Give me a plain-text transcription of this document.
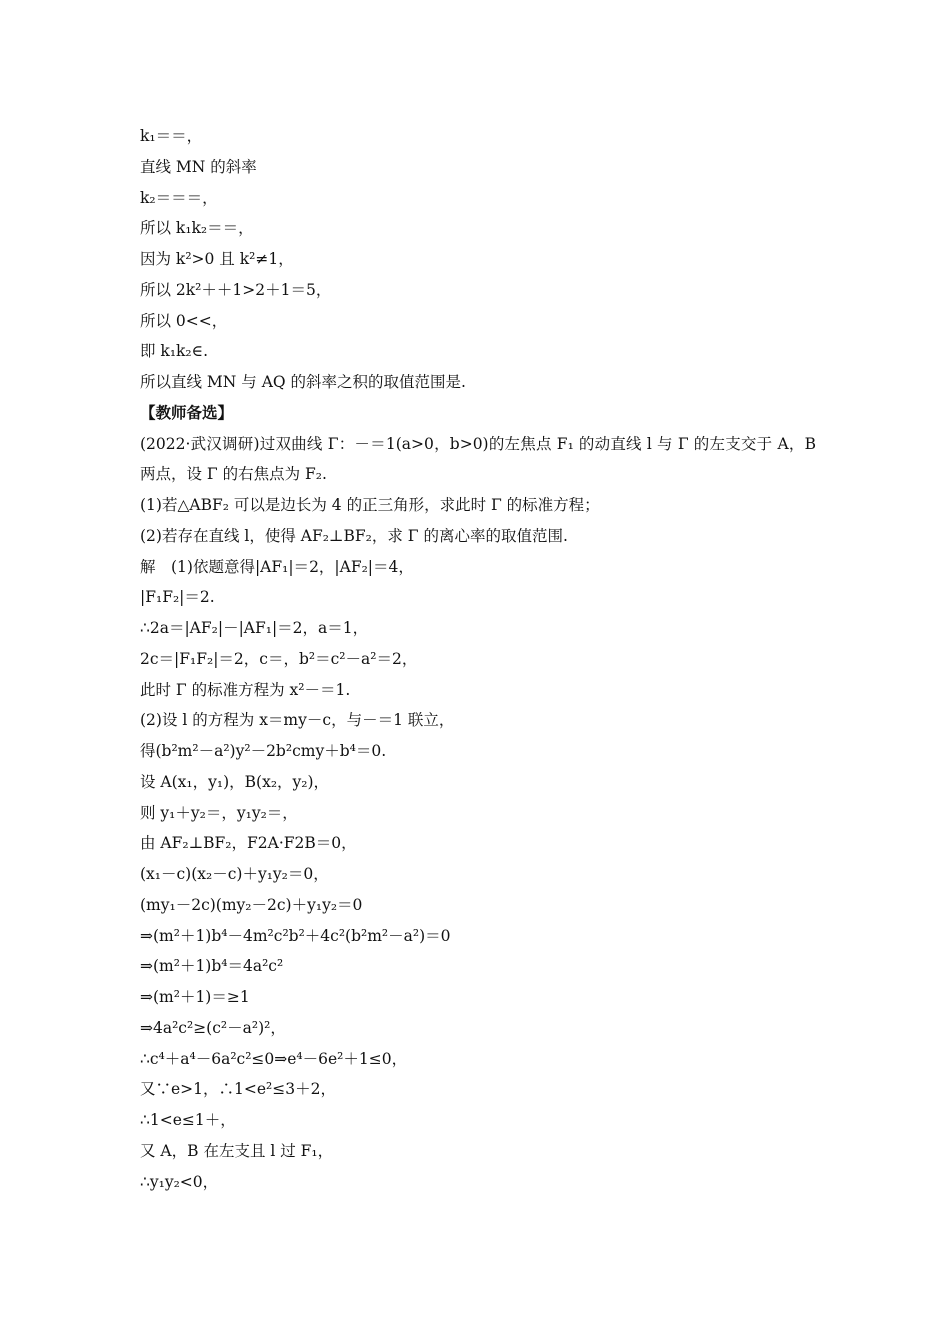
k₁＝＝，
直线 MN 的斜率
k₂＝＝＝，
所以 k₁k₂＝＝，
因为 k²>0 且 k²≠1，
所以 2k²＋＋1>2＋1＝5，
所以 0<<，
即 k₁k₂∈.
所以直线 MN 与 AQ 的斜率之积的取值范围是.
【教师备选】
(2022·武汉调研)过双曲线 Γ：－＝1(a>0，b>0)的左焦点 F₁ 的动直线 l 与 Γ 的左支交于 A，B
两点，设 Γ 的右焦点为 F₂.
(1)若△ABF₂ 可以是边长为 4 的正三角形，求此时 Γ 的标准方程；
(2)若存在直线 l，使得 AF₂⊥BF₂，求 Γ 的离心率的取值范围.
解　(1)依题意得|AF₁|＝2，|AF₂|＝4，
|F₁F₂|＝2.
∴2a＝|AF₂|－|AF₁|＝2，a＝1，
2c＝|F₁F₂|＝2，c＝，b²＝c²－a²＝2，
此时 Γ 的标准方程为 x²－＝1.
(2)设 l 的方程为 x＝my－c，与－＝1 联立，
得(b²m²－a²)y²－2b²cmy＋b⁴＝0.
设 A(x₁，y₁)，B(x₂，y₂)，
则 y₁＋y₂＝，y₁y₂＝，
由 AF₂⊥BF₂，F2A·F2B＝0，
(x₁－c)(x₂－c)＋y₁y₂＝0，
(my₁－2c)(my₂－2c)＋y₁y₂＝0
⇒(m²＋1)b⁴－4m²c²b²＋4c²(b²m²－a²)＝0
⇒(m²＋1)b⁴＝4a²c²
⇒(m²＋1)＝≥1
⇒4a²c²≥(c²－a²)²，
∴c⁴＋a⁴－6a²c²≤0⇒e⁴－6e²＋1≤0，
又∵e>1，∴1<e²≤3＋2，
∴1<e≤1＋，
又 A，B 在左支且 l 过 F₁，
∴y₁y₂<0，
